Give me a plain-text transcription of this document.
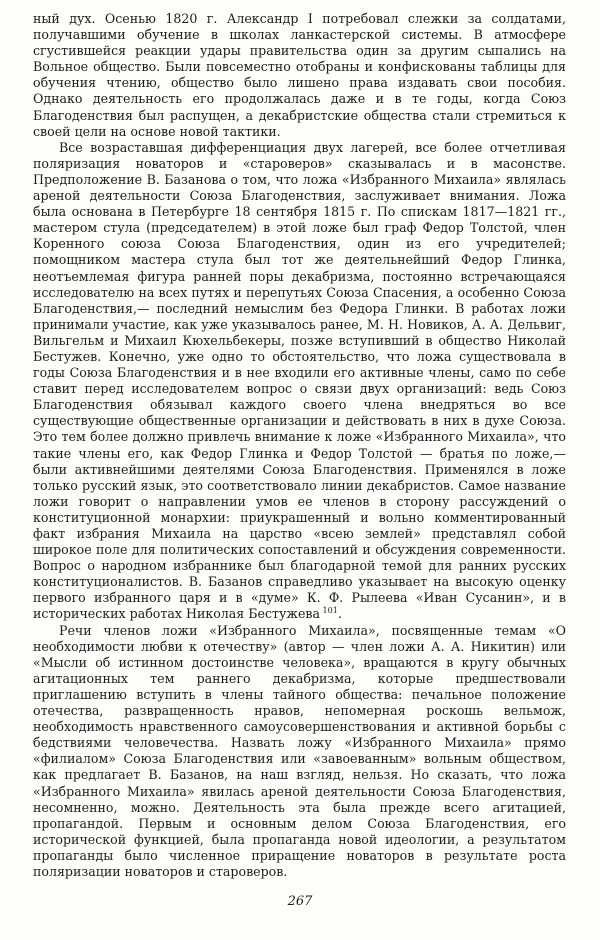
ный дух. Осенью 1820 г. Александр I потребовал слежки за солдатами, получавшими обучение в школах ланкастерской системы. В атмосфере сгустившейся реакции удары правительства один за другим сыпались на Вольное общество. Были повсеместно отобраны и конфискованы таблицы для обучения чтению, общество было лишено права издавать свои пособия. Однако деятельность его продолжалась даже и в те годы, когда Союз Благоденствия был распущен, а декабристские общества стали стремиться к своей цели на основе новой тактики.

Все возраставшая дифференциация двух лагерей, все более отчетливая поляризация новаторов и «староверов» сказывалась и в масонстве. Предположение В. Базанова о том, что ложа «Избранного Михаила» являлась ареной деятельности Союза Благоденствия, заслуживает внимания. Ложа была основана в Петербурге 18 сентября 1815 г. По спискам 1817—1821 гг., мастером стула (председателем) в этой ложе был граф Федор Толстой, член Коренного союза Союза Благоденствия, один из его учредителей; помощником мастера стула был тот же деятельнейший Федор Глинка, неотъемлемая фигура ранней поры декабризма, постоянно встречающаяся исследователю на всех путях и перепутьях Союза Спасения, а особенно Союза Благоденствия,— последний немыслим без Федора Глинки. В работах ложи принимали участие, как уже указывалось ранее, М. Н. Новиков, А. А. Дельвиг, Вильгельм и Михаил Кюхельбекеры, позже вступивший в общество Николай Бестужев. Конечно, уже одно то обстоятельство, что ложа существовала в годы Союза Благоденствия и в нее входили его активные члены, само по себе ставит перед исследователем вопрос о связи двух организаций: ведь Союз Благоденствия обязывал каждого своего члена внедряться во все существующие общественные организации и действовать в них в духе Союза. Это тем более должно привлечь внимание к ложе «Избранного Михаила», что такие члены его, как Федор Глинка и Федор Толстой — братья по ложе,— были активнейшими деятелями Союза Благоденствия. Применялся в ложе только русский язык, это соответствовало линии декабристов. Самое название ложи говорит о направлении умов ее членов в сторону рассуждений о конституционной монархии: приукрашенный и вольно комментированный факт избрания Михаила на царство «всею землей» представлял собой широкое поле для политических сопоставлений и обсуждения современности. Вопрос о народном избраннике был благодарной темой для ранних русских конституционалистов. В. Базанов справедливо указывает на высокую оценку первого избранного царя и в «думе» К. Ф. Рылеева «Иван Сусанин», и в исторических работах Николая Бестужева  $^{101}$.

Речи членов ложи «Избранного Михаила», посвященные темам «О необходимости любви к отечеству» (автор — член ложи А. А. Никитин) или «Мысли об истинном достоинстве человека», вращаются в кругу обычных агитационных тем раннего декабризма, которые предшествовали приглашению вступить в члены тайного общества: печальное положение отечества, развращенность нравов, непомерная роскошь вельмож, необходимость нравственного самоусовершенствования и активной борьбы с бедствиями человечества. Назвать ложу «Избранного Михаила» прямо «филиалом» Союза Благоденствия или «завоеванным» вольным обществом, как предлагает В. Базанов, на наш взгляд, нельзя. Но сказать, что ложа «Избранного Михаила» явилась ареной деятельности Союза Благоденствия, несомненно, можно. Деятельность эта была прежде всего агитацией, пропагандой. Первым и основным делом Союза Благоденствия, его исторической функцией, была пропаганда новой идеологии, а результатом пропаганды было численное приращение новаторов в результате роста поляризации новаторов и староверов.

267
